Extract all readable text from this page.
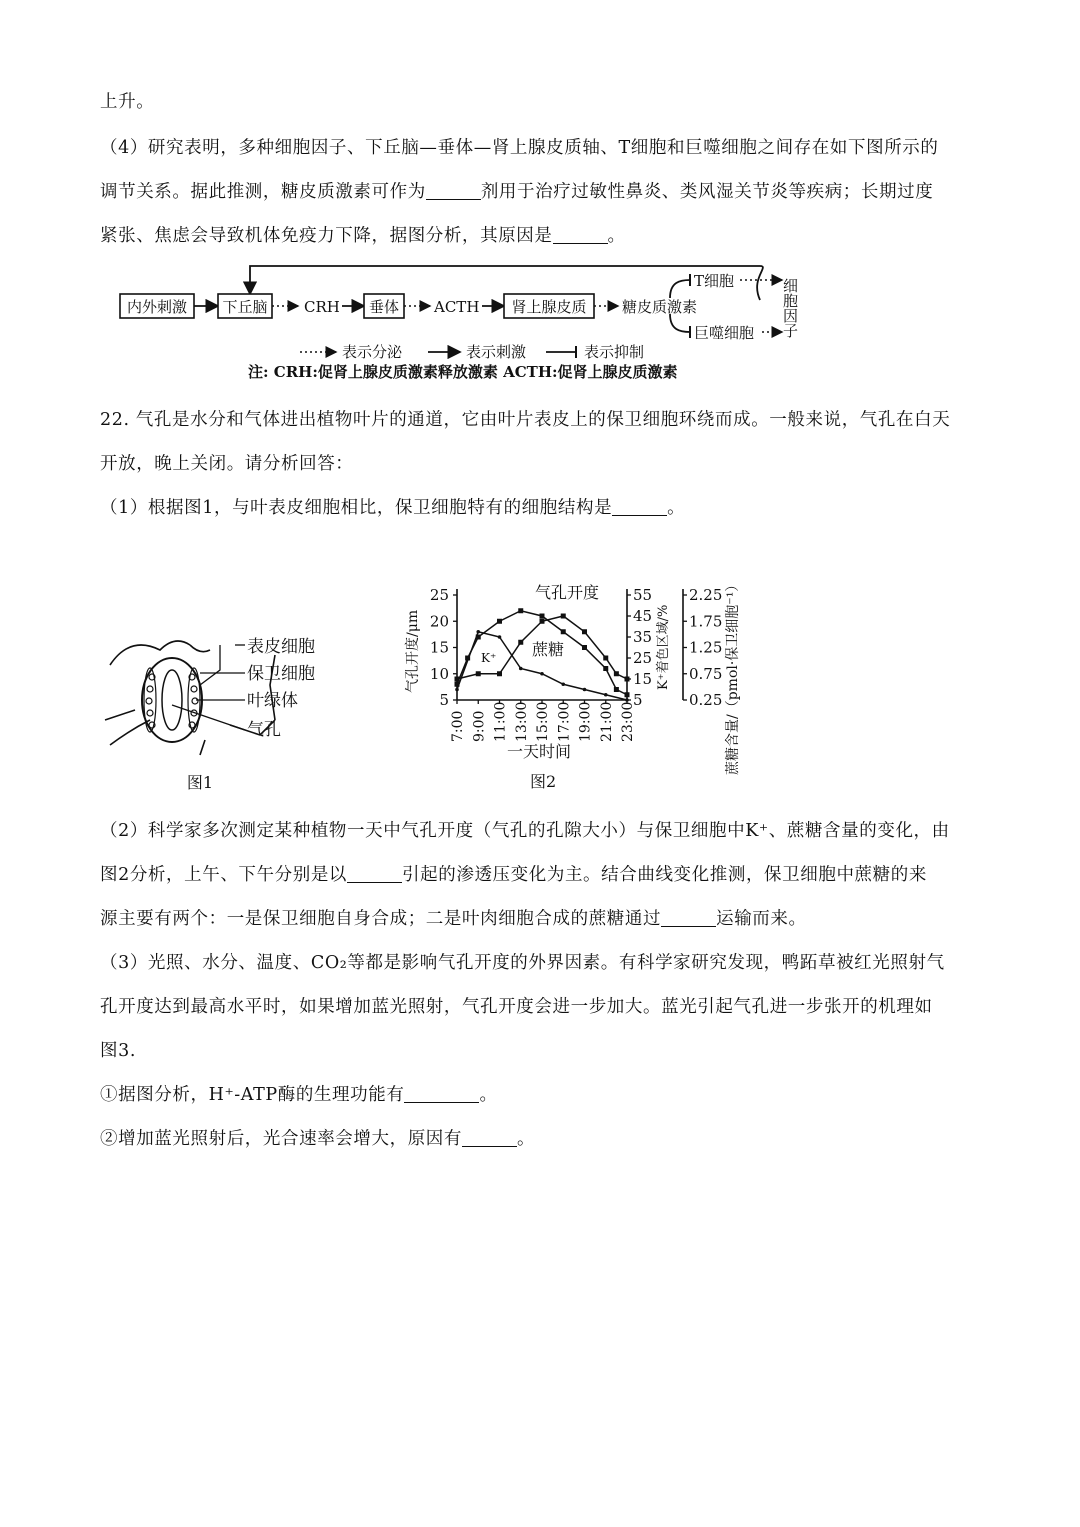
上升。
（4）研究表明，多种细胞因子、下丘脑—垂体—肾上腺皮质轴、T细胞和巨噬细胞之间存在如下图所示的
调节关系。据此推测，糖皮质激素可作为	剂用于治疗过敏性鼻炎、类风湿关节炎等疾病；长期过度
紧张、焦虑会导致机体免疫力下降，据图分析，其原因是	。
内外刺激 下丘脑 CRH 垂体 ACTH 肾上腺皮质 糖皮质激素
T细胞
巨噬细胞 细胞因子
表示分泌	表示刺激	表示抑制
注: CRH:促肾上腺皮质激素释放激素 ACTH:促肾上腺皮质激素
22. 气孔是水分和气体进出植物叶片的通道，它由叶片表皮上的保卫细胞环绕而成。一般来说，气孔在白天
开放，晚上关闭。请分析回答：
（1）根据图1，与叶表皮细胞相比，保卫细胞特有的细胞结构是	。
表皮细胞
保卫细胞
叶绿体
气孔
图1
气孔开度
K⁺ 蔗糖
一天时间
气孔开度/μm	K⁺着色区域/%	蔗糖含量/（pmol·保卫细胞⁻¹）
图2
5
10
15
20
25
5
15
25
35
45
55
0.25
0.75
1.25
1.75
2.25
7:00 9:00 11:00 13:00 15:00 17:00 19:00 21:00 23:00
（2）科学家多次测定某种植物一天中气孔开度（气孔的孔隙大小）与保卫细胞中K⁺、蔗糖含量的变化，由
图2分析，上午、下午分别是以	引起的渗透压变化为主。结合曲线变化推测，保卫细胞中蔗糖的来
源主要有两个：一是保卫细胞自身合成；二是叶肉细胞合成的蔗糖通过	运输而来。
（3）光照、水分、温度、CO₂等都是影响气孔开度的外界因素。有科学家研究发现，鸭跖草被红光照射气
孔开度达到最高水平时，如果增加蓝光照射，气孔开度会进一步加大。蓝光引起气孔进一步张开的机理如
图3.
①据图分析，H⁺-ATP酶的生理功能有	。
②增加蓝光照射后，光合速率会增大，原因有	。
